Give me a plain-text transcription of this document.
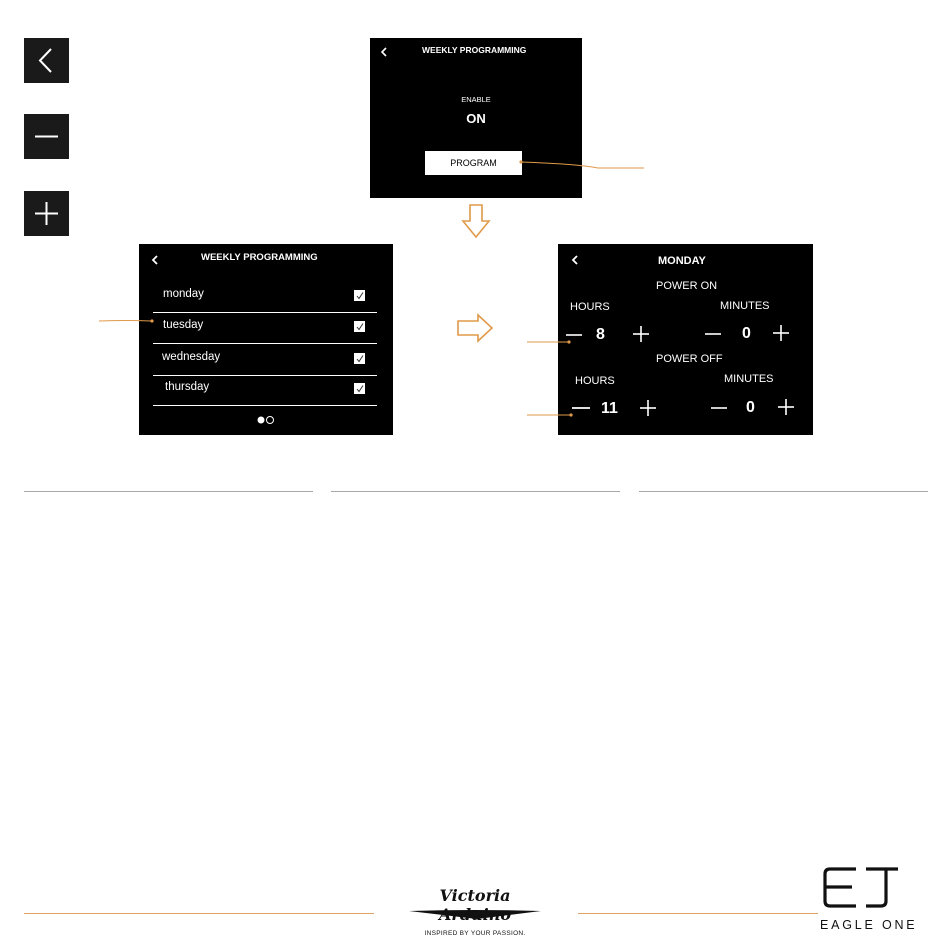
WEEKLY PROGRAMMING
ENABLE
ON
PROGRAM
WEEKLY PROGRAMMING
monday
tuesday
wednesday
thursday
MONDAY
POWER ON
HOURS	MINUTES
8	0
POWER OFF
HOURS	MINUTES
11	0
Victoria
INSPIRED BY YOUR PASSION.
EAGLE ONE
